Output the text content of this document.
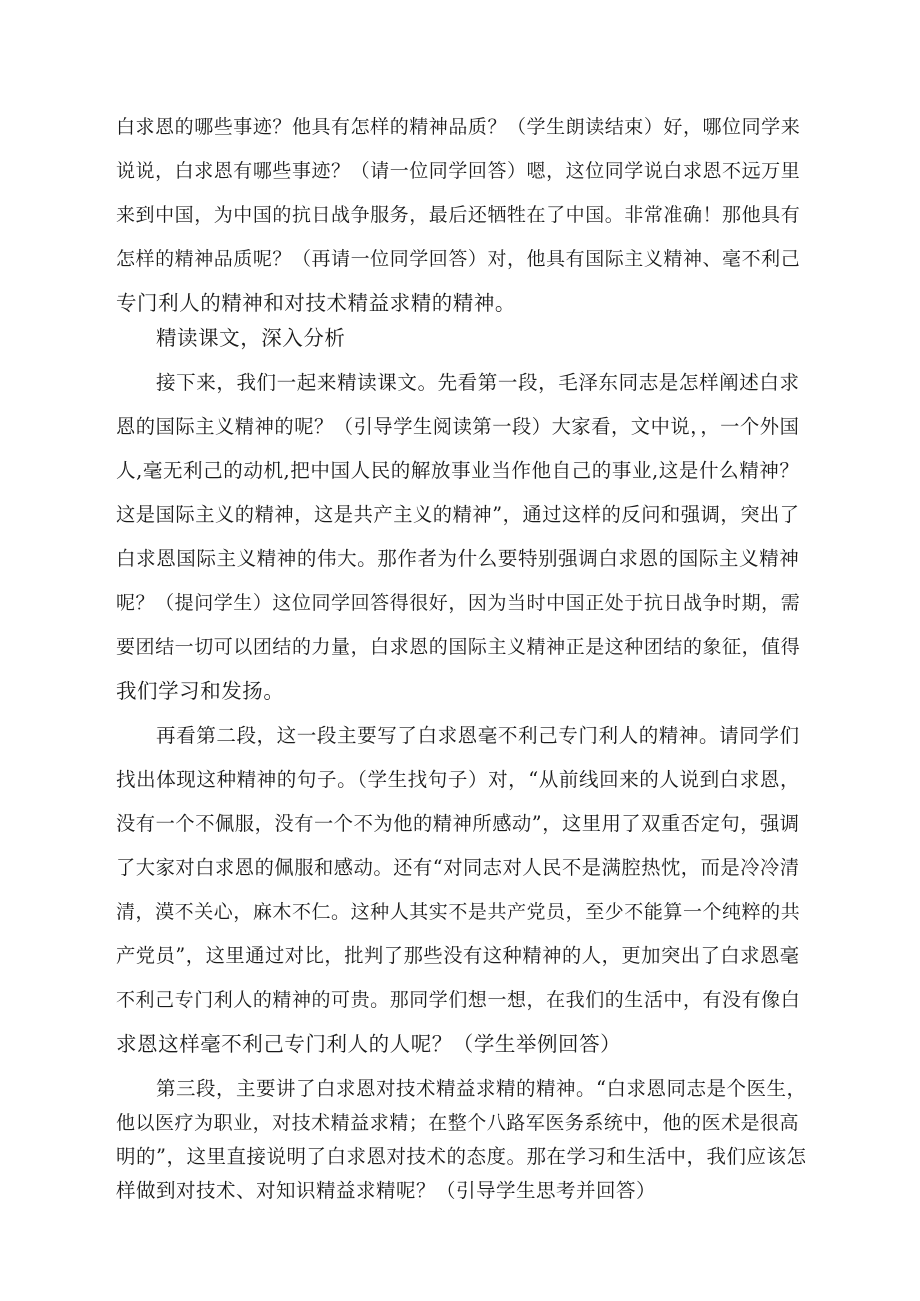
白求恩的哪些事迹？他具有怎样的精神品质？（学生朗读结束）好，哪位同学来
说说，白求恩有哪些事迹？（请一位同学回答）嗯，这位同学说白求恩不远万里
来到中国，为中国的抗日战争服务，最后还牺牲在了中国。非常准确！那他具有
怎样的精神品质呢？（再请一位同学回答）对，他具有国际主义精神、毫不利己
专门利人的精神和对技术精益求精的精神。
精读课文，深入分析
接下来，我们一起来精读课文。先看第一段，毛泽东同志是怎样阐述白求
恩的国际主义精神的呢？（引导学生阅读第一段）大家看，文中说，，一个外国
人,毫无利己的动机,把中国人民的解放事业当作他自己的事业,这是什么精神？
这是国际主义的精神，这是共产主义的精神”，通过这样的反问和强调，突出了
白求恩国际主义精神的伟大。那作者为什么要特别强调白求恩的国际主义精神
呢？（提问学生）这位同学回答得很好，因为当时中国正处于抗日战争时期，需
要团结一切可以团结的力量，白求恩的国际主义精神正是这种团结的象征，值得
我们学习和发扬。
再看第二段，这一段主要写了白求恩毫不利己专门利人的精神。请同学们
找出体现这种精神的句子。（学生找句子）对，“从前线回来的人说到白求恩，
没有一个不佩服，没有一个不为他的精神所感动”，这里用了双重否定句，强调
了大家对白求恩的佩服和感动。还有“对同志对人民不是满腔热忱，而是冷冷清
清，漠不关心，麻木不仁。这种人其实不是共产党员，至少不能算一个纯粹的共
产党员”，这里通过对比，批判了那些没有这种精神的人，更加突出了白求恩毫
不利己专门利人的精神的可贵。那同学们想一想，在我们的生活中，有没有像白
求恩这样毫不利己专门利人的人呢？（学生举例回答）
第三段，主要讲了白求恩对技术精益求精的精神。“白求恩同志是个医生，
他以医疗为职业，对技术精益求精；在整个八路军医务系统中，他的医术是很高
明的”，这里直接说明了白求恩对技术的态度。那在学习和生活中，我们应该怎
样做到对技术、对知识精益求精呢？（引导学生思考并回答）
